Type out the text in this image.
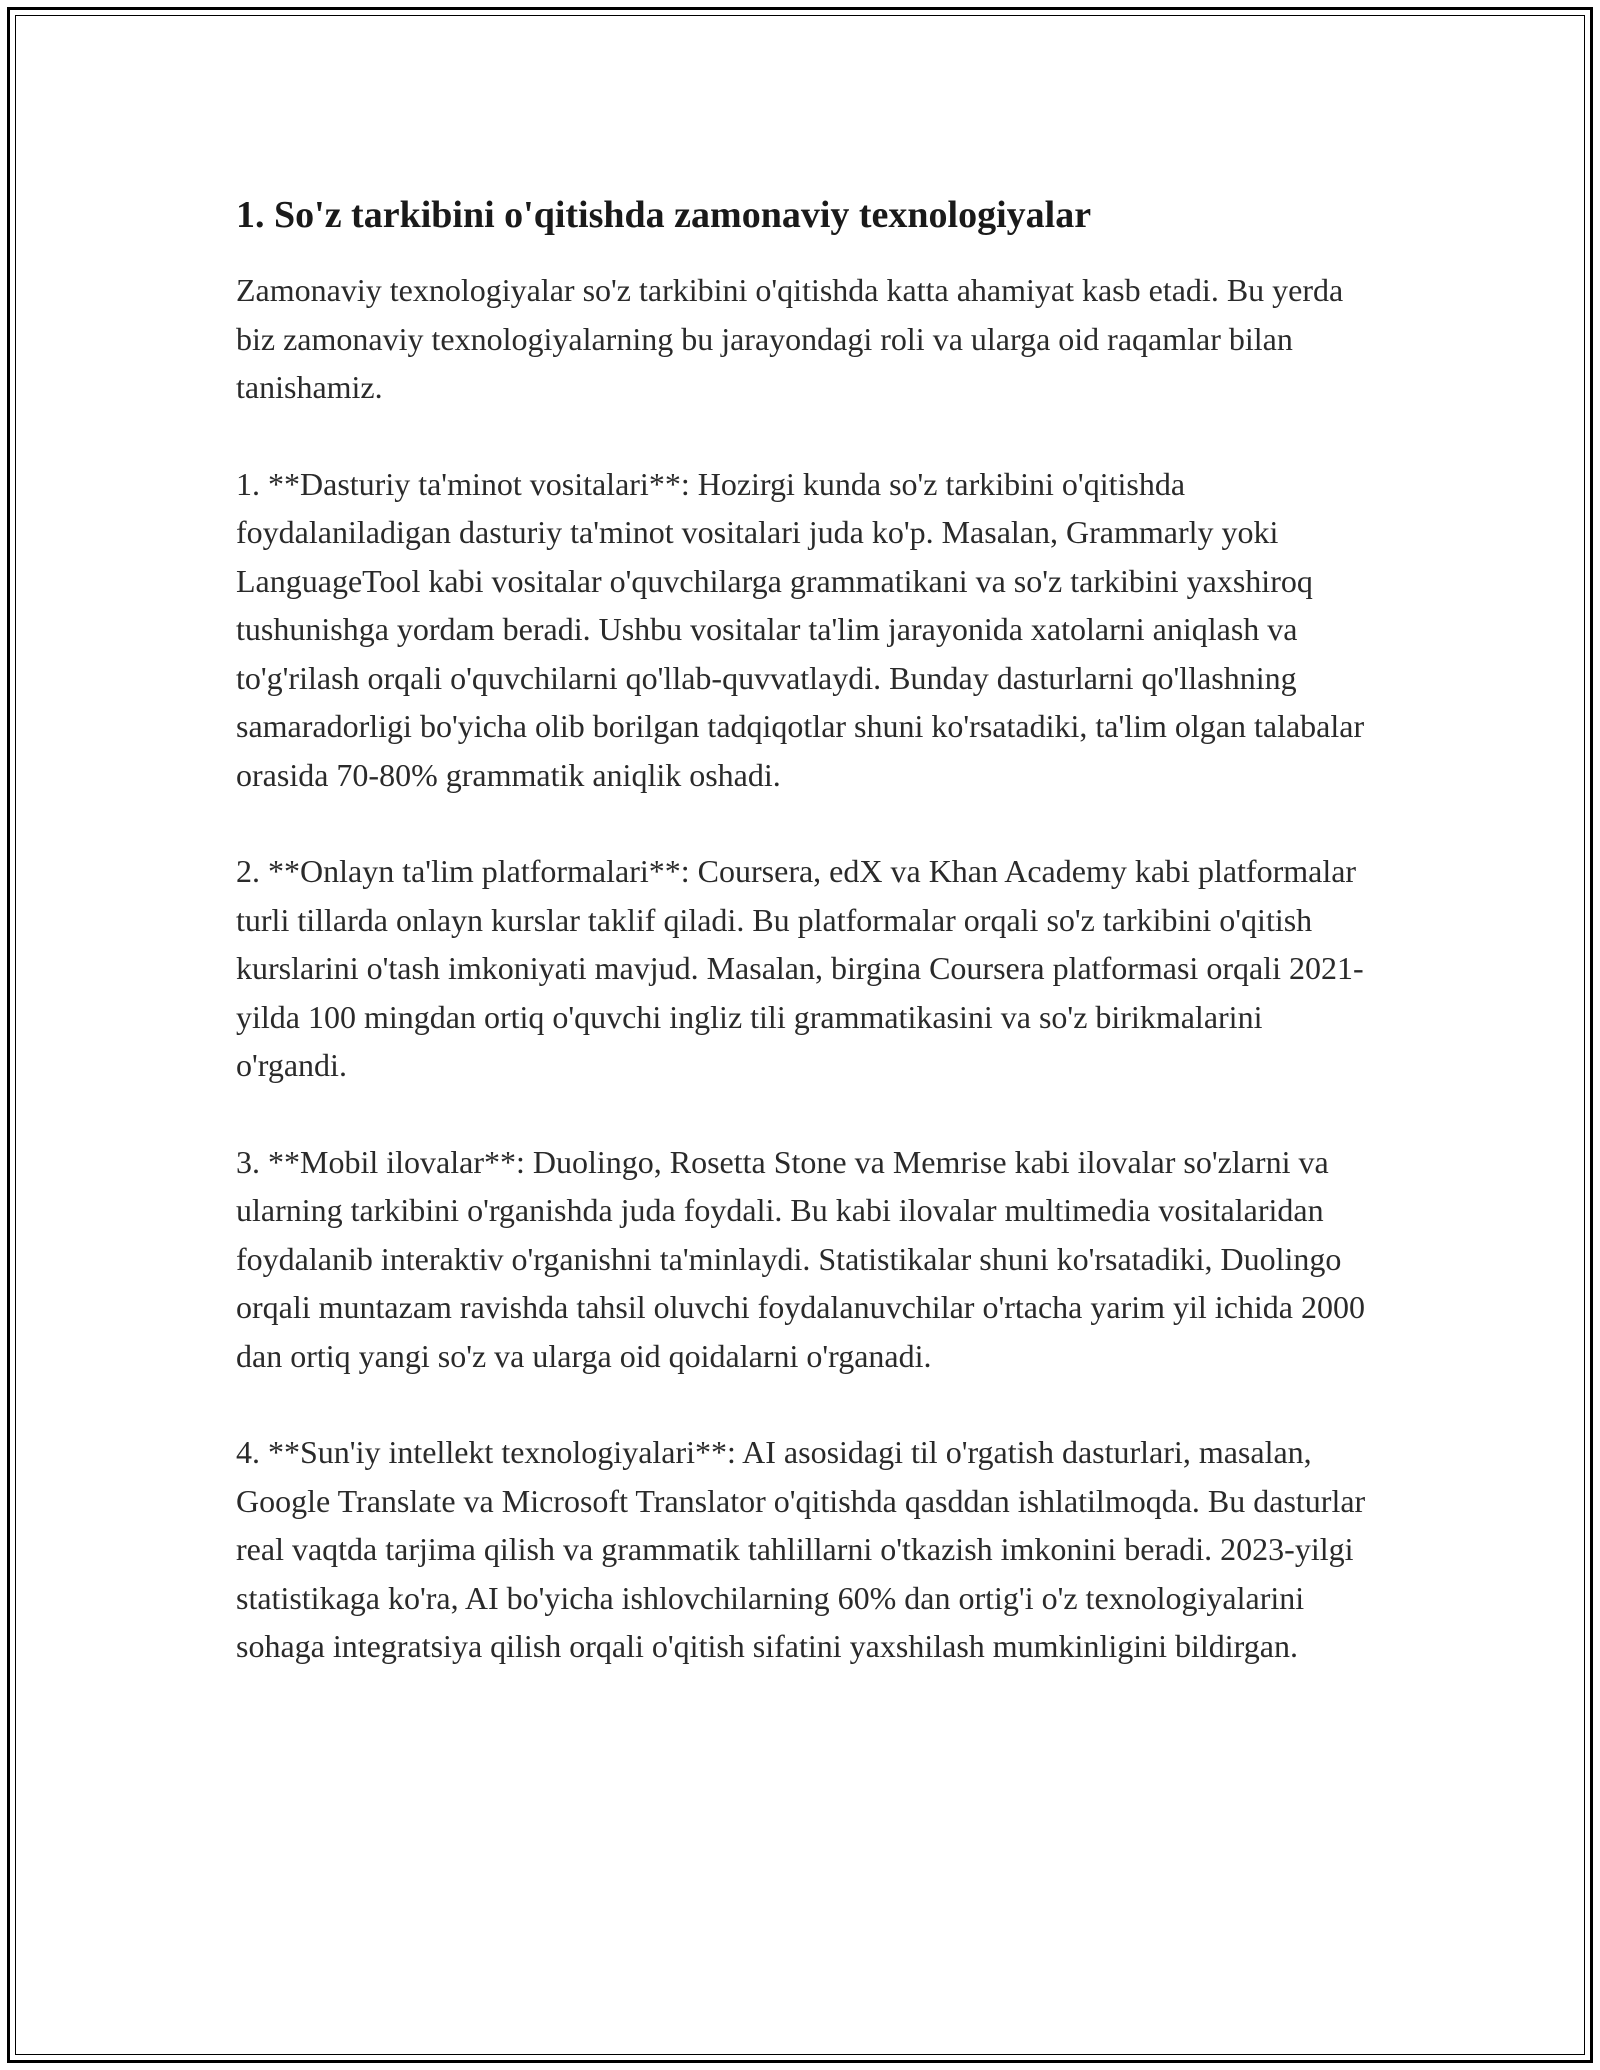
1. So'z tarkibini o'qitishda zamonaviy texnologiyalar

Zamonaviy texnologiyalar so'z tarkibini o'qitishda katta ahamiyat kasb etadi. Bu yerda biz zamonaviy texnologiyalarning bu jarayondagi roli va ularga oid raqamlar bilan tanishamiz.

1. **Dasturiy ta'minot vositalari**: Hozirgi kunda so'z tarkibini o'qitishda foydalaniladigan dasturiy ta'minot vositalari juda ko'p. Masalan, Grammarly yoki LanguageTool kabi vositalar o'quvchilarga grammatikani va so'z tarkibini yaxshiroq tushunishga yordam beradi. Ushbu vositalar ta'lim jarayonida xatolarni aniqlash va to'g'rilash orqali o'quvchilarni qo'llab-quvvatlaydi. Bunday dasturlarni qo'llashning samaradorligi bo'yicha olib borilgan tadqiqotlar shuni ko'rsatadiki, ta'lim olgan talabalar orasida 70-80% grammatik aniqlik oshadi.

2. **Onlayn ta'lim platformalari**: Coursera, edX va Khan Academy kabi platformalar turli tillarda onlayn kurslar taklif qiladi. Bu platformalar orqali so'z tarkibini o'qitish kurslarini o'tash imkoniyati mavjud. Masalan, birgina Coursera platformasi orqali 2021-yilda 100 mingdan ortiq o'quvchi ingliz tili grammatikasini va so'z birikmalarini o'rgandi.

3. **Mobil ilovalar**: Duolingo, Rosetta Stone va Memrise kabi ilovalar so'zlarni va ularning tarkibini o'rganishda juda foydali. Bu kabi ilovalar multimedia vositalaridan foydalanib interaktiv o'rganishni ta'minlaydi. Statistikalar shuni ko'rsatadiki, Duolingo orqali muntazam ravishda tahsil oluvchi foydalanuvchilar o'rtacha yarim yil ichida 2000 dan ortiq yangi so'z va ularga oid qoidalarni o'rganadi.

4. **Sun'iy intellekt texnologiyalari**: AI asosidagi til o'rgatish dasturlari, masalan, Google Translate va Microsoft Translator o'qitishda qasddan ishlatilmoqda. Bu dasturlar real vaqtda tarjima qilish va grammatik tahlillarni o'tkazish imkonini beradi. 2023-yilgi statistikaga ko'ra, AI bo'yicha ishlovchilarning 60% dan ortig'i o'z texnologiyalarini sohaga integratsiya qilish orqali o'qitish sifatini yaxshilash mumkinligini bildirgan.
